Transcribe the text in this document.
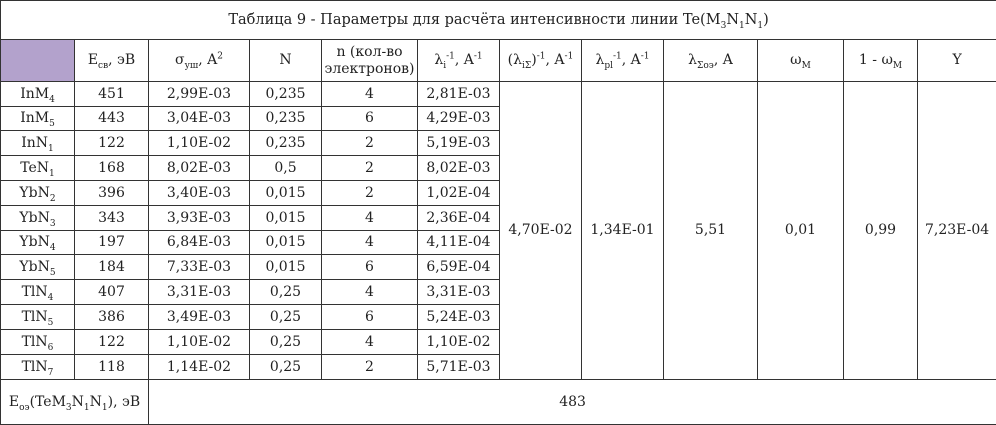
Таблица 9 - Параметры для расчёта интенсивности линии $Te(M_3N_1N_1)$											
	$E_{св}$, эВ	$\sigma_{уш}$, $A^2$	N	n (кол-во
электронов)	$\lambda_i^{-1}$, $A^{-1}$	$(\lambda_{i\Sigma})^{-1}$, $A^{-1}$	$\lambda_{pl}^{-1}$, $A^{-1}$	$\lambda_{\Sigma оэ}$, A	$\omega_M$	$1 - \omega_M$	Y
InM$_4$	451	2,99E-03	0,235	4	2,81E-03	4,70E-02	1,34E-01	5,51	0,01	0,99	7,23E-04
InM$_5$	443	3,04E-03	0,235	6	4,29E-03						
InN$_1$	122	1,10E-02	0,235	2	5,19E-03						
TeN$_1$	168	8,02E-03	0,5	2	8,02E-03						
YbN$_2$	396	3,40E-03	0,015	2	1,02E-04						
YbN$_3$	343	3,93E-03	0,015	4	2,36E-04						
YbN$_4$	197	6,84E-03	0,015	4	4,11E-04						
YbN$_5$	184	7,33E-03	0,015	6	6,59E-04						
TlN$_4$	407	3,31E-03	0,25	4	3,31E-03						
TlN$_5$	386	3,49E-03	0,25	6	5,24E-03						
TlN$_6$	122	1,10E-02	0,25	4	1,10E-02						
TlN$_7$	118	1,14E-02	0,25	2	5,71E-03						
$E_{оэ}(TeM_3N_1N_1)$, эВ		483									
